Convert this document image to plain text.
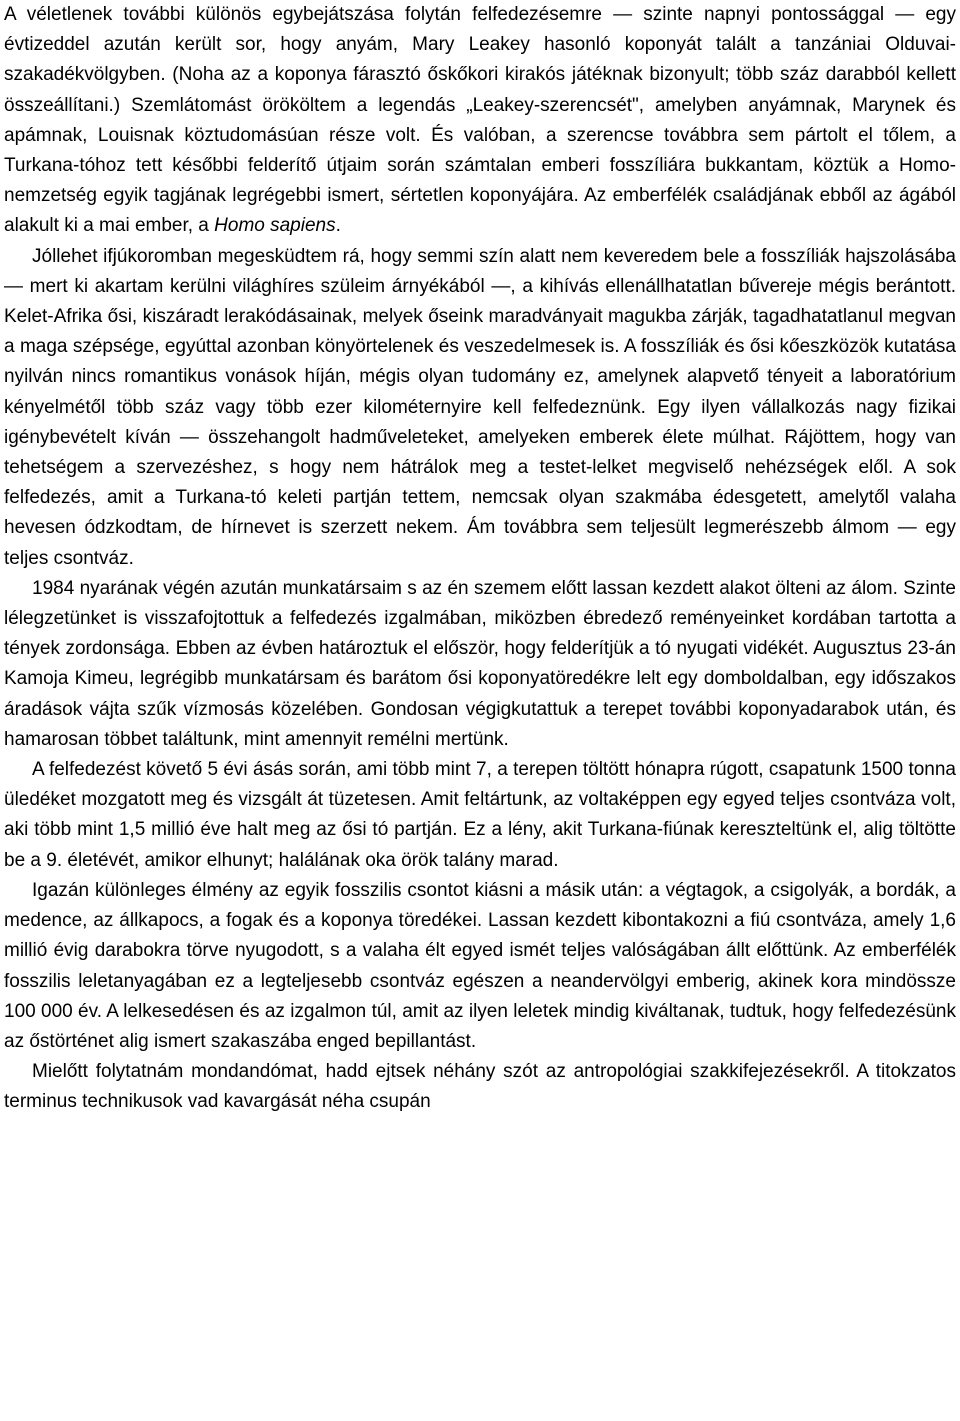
A véletlenek további különös egybejátszása folytán felfedezésemre — szinte napnyi pontossággal — egy évtizeddel azután került sor, hogy anyám, Mary Leakey hasonló koponyát talált a tanzániai Olduvai-szakadékvölgyben. (Noha az a koponya fárasztó őskőkori kirakós játéknak bizonyult; több száz darabból kellett összeállítani.) Szemlátomást örököltem a legendás „Leakey-szerencsét", amelyben anyámnak, Marynek és apámnak, Louisnak köztudomásúan része volt. És valóban, a szerencse továbbra sem pártolt el tőlem, a Turkana-tóhoz tett későbbi felderítő útjaim során számtalan emberi fosszíliára bukkantam, köztük a Homo-nemzetség egyik tagjának legrégebbi ismert, sértetlen koponyájára. Az emberfélék családjának ebből az ágából alakult ki a mai ember, a Homo sapiens.

Jóllehet ifjúkoromban megesküdtem rá, hogy semmi szín alatt nem keveredem bele a fosszíliák hajszolásába — mert ki akartam kerülni világhíres szüleim árnyékából —, a kihívás ellenállhatatlan bűvereje mégis berántott. Kelet-Afrika ősi, kiszáradt lerakódásainak, melyek őseink maradványait magukba zárják, tagadhatatlanul megvan a maga szépsége, egyúttal azonban könyörtelenek és veszedelmesek is. A fosszíliák és ősi kőeszközök kutatása nyilván nincs romantikus vonások híján, mégis olyan tudomány ez, amelynek alapvető tényeit a laboratórium kényelmétől több száz vagy több ezer kilométernyire kell felfedeznünk. Egy ilyen vállalkozás nagy fizikai igénybevételt kíván — összehangolt hadműveleteket, amelyeken emberek élete múlhat. Rájöttem, hogy van tehetségem a szervezéshez, s hogy nem hátrálok meg a testet-lelket megviselő nehézségek elől. A sok felfedezés, amit a Turkana-tó keleti partján tettem, nemcsak olyan szakmába édesgetett, amelytől valaha hevesen ódzkodtam, de hírnevet is szerzett nekem. Ám továbbra sem teljesült legmerészebb álmom — egy teljes csontváz.

1984 nyarának végén azután munkatársaim s az én szemem előtt lassan kezdett alakot ölteni az álom. Szinte lélegzetünket is visszafojtottuk a felfedezés izgalmában, miközben ébredező reményeinket kordában tartotta a tények zordonsága. Ebben az évben határoztuk el először, hogy felderítjük a tó nyugati vidékét. Augusztus 23-án Kamoja Kimeu, legrégibb munkatársam és barátom ősi koponyatöredékre lelt egy domboldalban, egy időszakos áradások vájta szűk vízmosás közelében. Gondosan végigkutattuk a terepet további koponyadarabok után, és hamarosan többet találtunk, mint amennyit remélni mertünk.

A felfedezést követő 5 évi ásás során, ami több mint 7, a terepen töltött hónapra rúgott, csapatunk 1500 tonna üledéket mozgatott meg és vizsgált át tüzetesen. Amit feltártunk, az voltaképpen egy egyed teljes csontváza volt, aki több mint 1,5 millió éve halt meg az ősi tó partján. Ez a lény, akit Turkana-fiúnak kereszteltünk el, alig töltötte be a 9. életévét, amikor elhunyt; halálának oka örök talány marad.

Igazán különleges élmény az egyik fosszilis csontot kiásni a másik után: a végtagok, a csigolyák, a bordák, a medence, az állkapocs, a fogak és a koponya töredékei. Lassan kezdett kibontakozni a fiú csontváza, amely 1,6 millió évig darabokra törve nyugodott, s a valaha élt egyed ismét teljes valóságában állt előttünk. Az emberfélék fosszilis leletanyagában ez a legteljesebb csontváz egészen a neandervölgyi emberig, akinek kora mindössze 100 000 év. A lelkesedésen és az izgalmon túl, amit az ilyen leletek mindig kiváltanak, tudtuk, hogy felfedezésünk az őstörténet alig ismert szakaszába enged bepillantást.

Mielőtt folytatnám mondandómat, hadd ejtsek néhány szót az antropológiai szakkifejezésekről. A titokzatos terminus technikusok vad kavargását néha csupán
